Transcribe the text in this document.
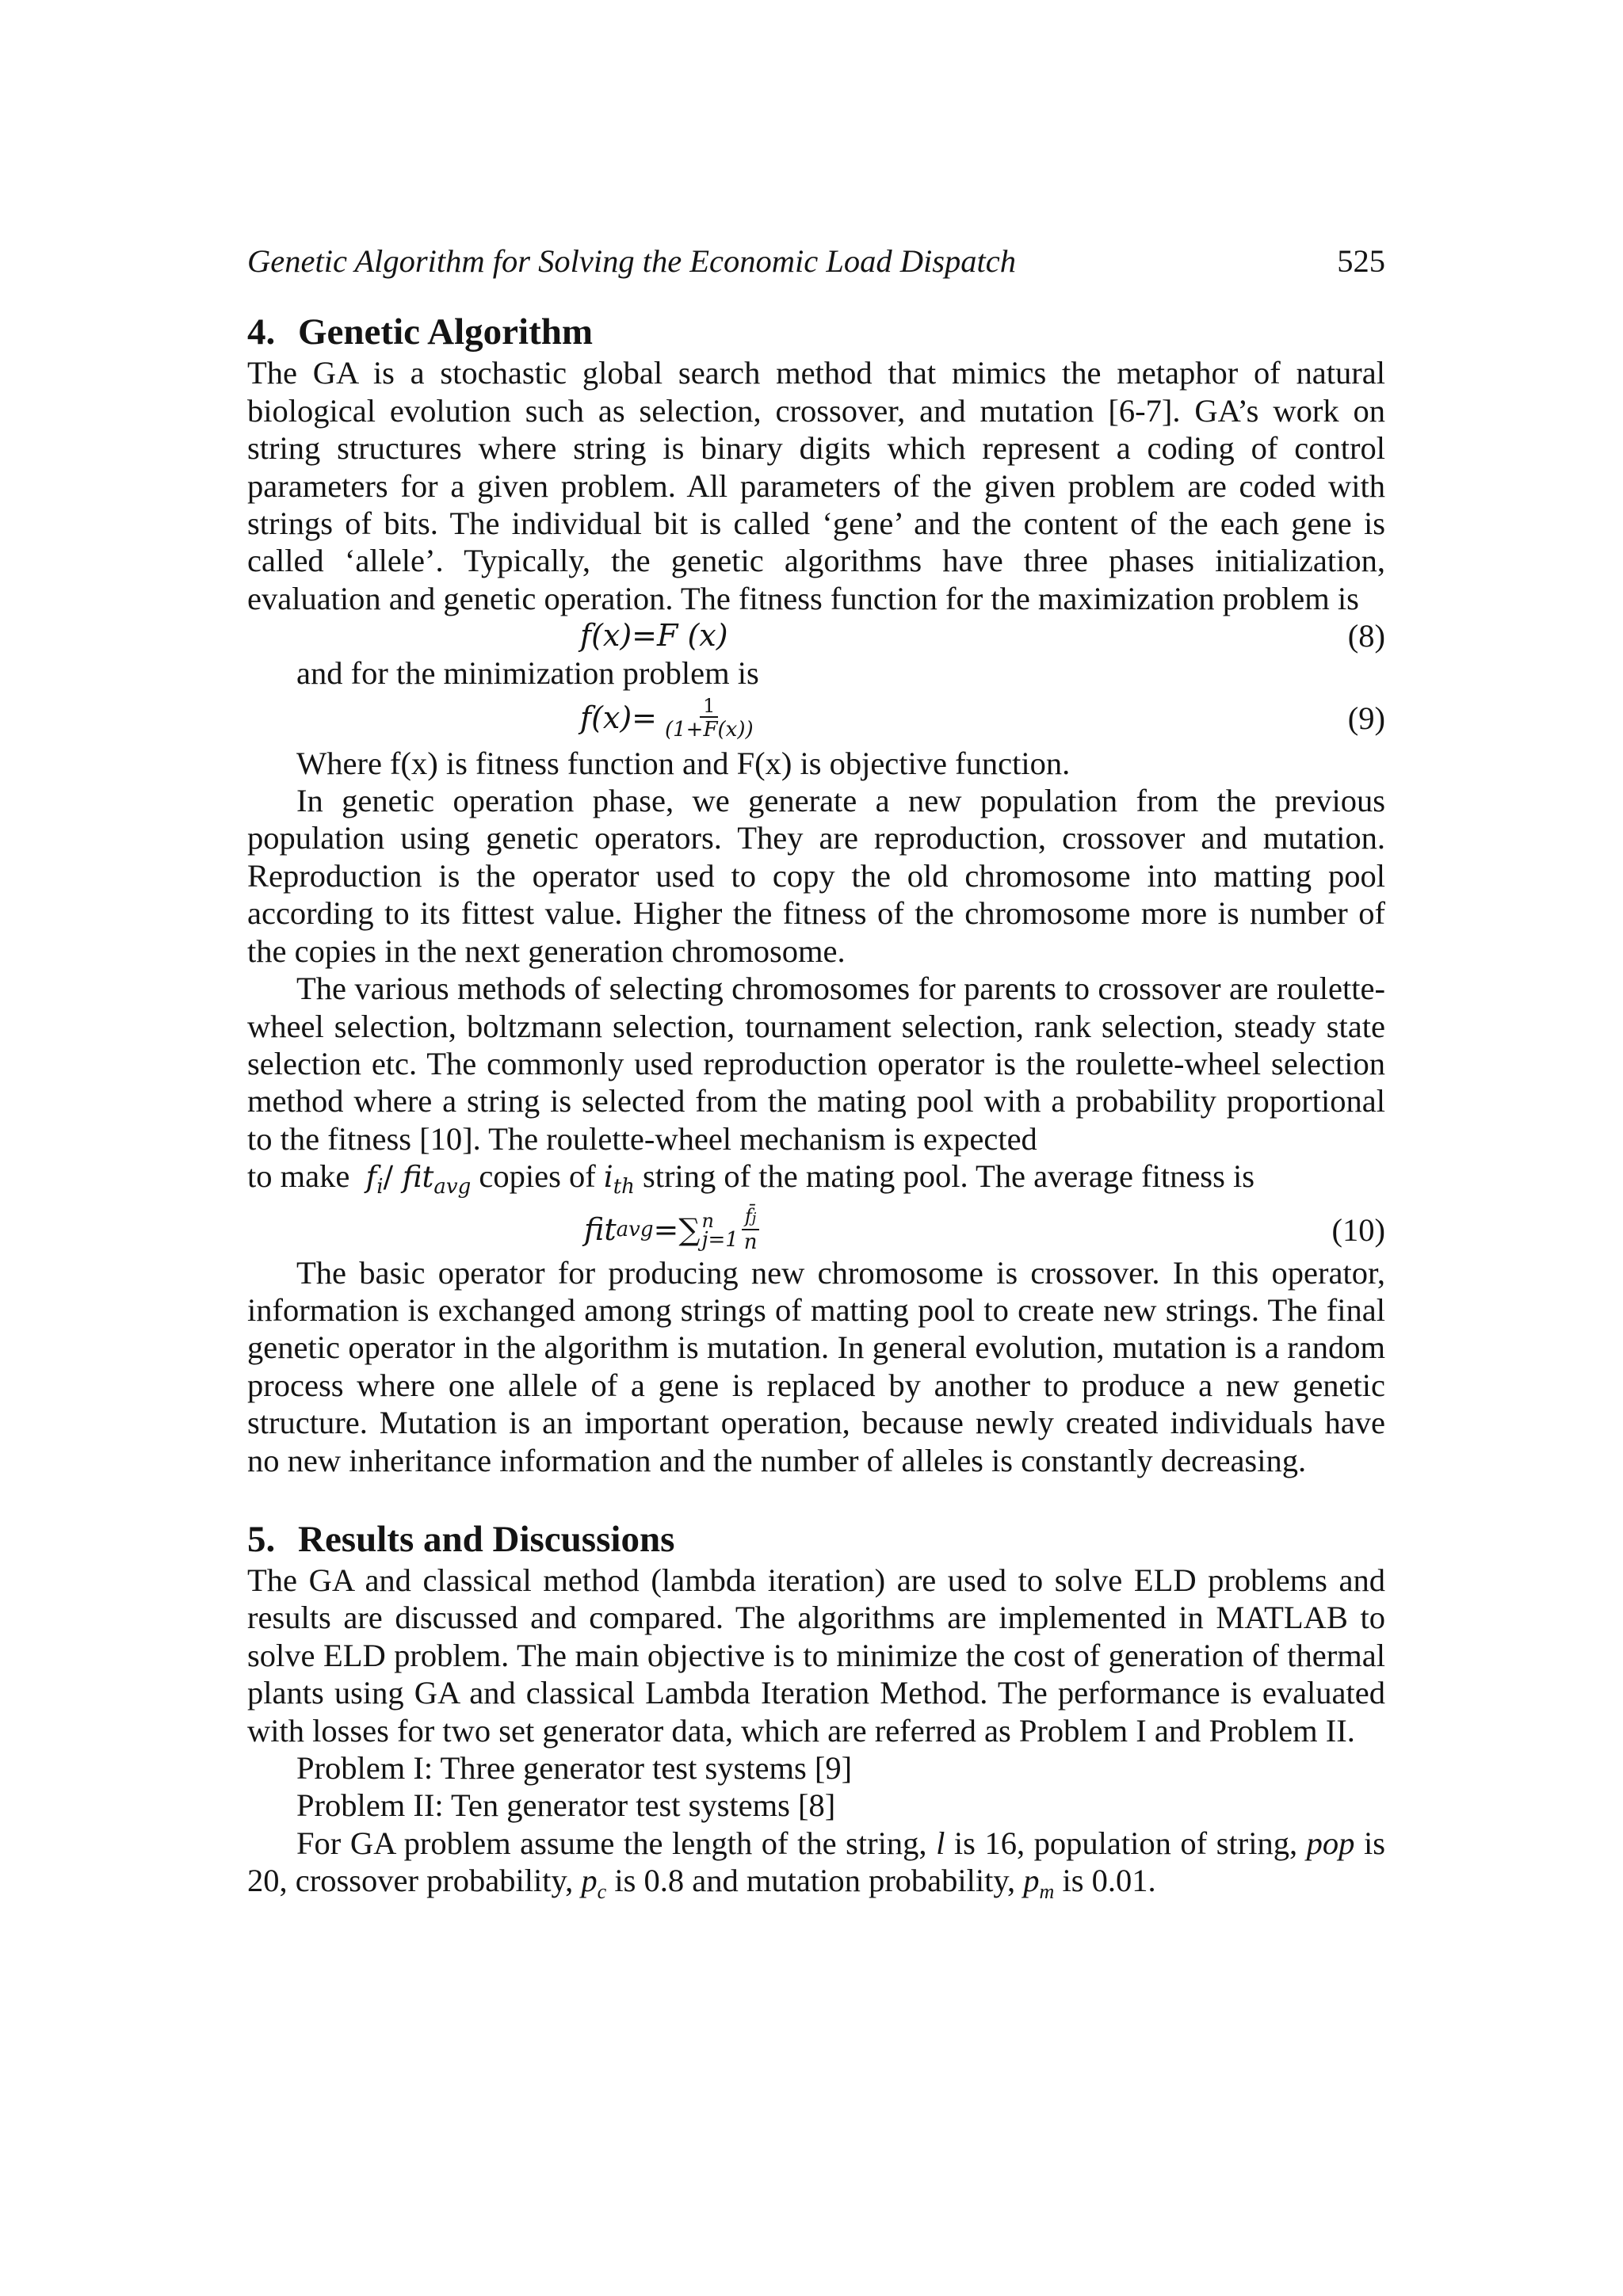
Genetic Algorithm for Solving the Economic Load Dispatch	525
4. Genetic Algorithm

The GA is a stochastic global search method that mimics the metaphor of natural biological evolution such as selection, crossover, and mutation [6-7]. GA’s work on string structures where string is binary digits which represent a coding of control parameters for a given problem. All parameters of the given problem are coded with strings of bits. The individual bit is called ‘gene’ and the content of the each gene is called ‘allele’. Typically, the genetic algorithms have three phases initialization, evaluation and genetic operation. The fitness function for the maximization problem is

f(x) = F (x)	(8)

and for the minimization problem is

$f(x) = \frac{1}{(1+F(x))}$	(9)

Where f(x) is fitness function and F(x) is objective function.

In genetic operation phase, we generate a new population from the previous population using genetic operators. They are reproduction, crossover and mutation. Reproduction is the operator used to copy the old chromosome into matting pool according to its fittest value. Higher the fitness of the chromosome more is number of the copies in the next generation chromosome.

The various methods of selecting chromosomes for parents to crossover are roulette-wheel selection, boltzmann selection, tournament selection, rank selection, steady state selection etc. The commonly used reproduction operator is the roulette-wheel selection method where a string is selected from the mating pool with a probability proportional to the fitness [10]. The roulette-wheel mechanism is expected

to make $f_i/$ fit$_{avg}$ copies of $i_{th}$ string of the mating pool. The average fitness is

fit avg = ∑ n
$j=1 \frac{f̄j}{n}$	(10)

The basic operator for producing new chromosome is crossover. In this operator, information is exchanged among strings of matting pool to create new strings. The final genetic operator in the algorithm is mutation. In general evolution, mutation is a random process where one allele of a gene is replaced by another to produce a new genetic structure. Mutation is an important operation, because newly created individuals have no new inheritance information and the number of alleles is constantly decreasing.

5. Results and Discussions

The GA and classical method (lambda iteration) are used to solve ELD problems and results are discussed and compared. The algorithms are implemented in MATLAB to solve ELD problem. The main objective is to minimize the cost of generation of thermal plants using GA and classical Lambda Iteration Method. The performance is evaluated with losses for two set generator data, which are referred as Problem I and Problem II.

Problem I: Three generator test systems [9]

Problem II: Ten generator test systems [8]

For GA problem assume the length of the string, l is 16, population of string, pop is 20, crossover probability, $p_c$ is 0.8 and mutation probability, $p_m$ is 0.01.
